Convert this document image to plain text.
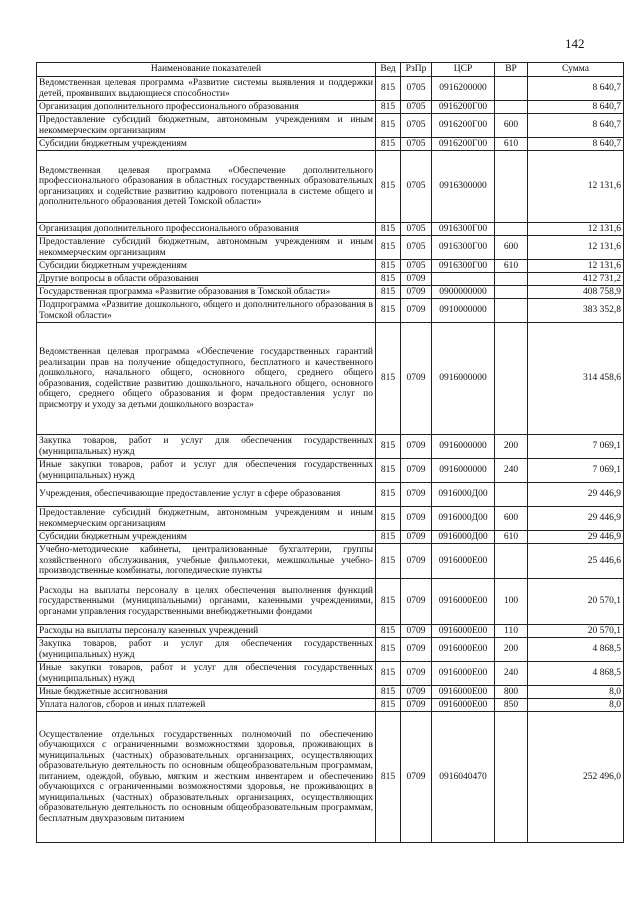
142
Наименование показателей	Вед	РзПр	ЦСР	ВР	Сумма
Ведомственная целевая программа «Развитие системы выявления и поддержки детей, проявивших выдающиеся способности»	815	0705	0916200000		8 640,7
Организация дополнительного профессионального образования	815	0705	0916200Г00		8 640,7
Предоставление субсидий бюджетным, автономным учреждениям и иным некоммерческим организациям	815	0705	0916200Г00	600	8 640,7
Субсидии бюджетным учреждениям	815	0705	0916200Г00	610	8 640,7
Ведомственная целевая программа «Обеспечение дополнительного профессионального образования в областных государственных образовательных организациях и содействие развитию кадрового потенциала в системе общего и дополнительного образования детей Томской области»	815	0705	0916300000		12 131,6
Организация дополнительного профессионального образования	815	0705	0916300Г00		12 131,6
Предоставление субсидий бюджетным, автономным учреждениям и иным некоммерческим организациям	815	0705	0916300Г00	600	12 131,6
Субсидии бюджетным учреждениям	815	0705	0916300Г00	610	12 131,6
Другие вопросы в области образования	815	0709			412 731,2
Государственная программа «Развитие образования в Томской области»	815	0709	0900000000		408 758,9
Подпрограмма «Развитие дошкольного, общего и дополнительного образования в Томской области»	815	0709	0910000000		383 352,8
Ведомственная целевая программа «Обеспечение государственных гарантий реализации прав на получение общедоступного, бесплатного и качественного дошкольного, начального общего, основного общего, среднего общего образования, содействие развитию дошкольного, начального общего, основного общего, среднего общего образования и форм предоставления услуг по присмотру и уходу за детьми дошкольного возраста»	815	0709	0916000000		314 458,6
Закупка товаров, работ и услуг для обеспечения государственных (муниципальных) нужд	815	0709	0916000000	200	7 069,1
Иные закупки товаров, работ и услуг для обеспечения государственных (муниципальных) нужд	815	0709	0916000000	240	7 069,1
Учреждения, обеспечивающие предоставление услуг в сфере образования	815	0709	0916000Д00		29 446,9
Предоставление субсидий бюджетным, автономным учреждениям и иным некоммерческим организациям	815	0709	0916000Д00	600	29 446,9
Субсидии бюджетным учреждениям	815	0709	0916000Д00	610	29 446,9
Учебно-методические кабинеты, централизованные бухгалтерии, группы хозяйственного обслуживания, учебные фильмотеки, межшкольные учебно-производственные комбинаты, логопедические пункты	815	0709	0916000Е00		25 446,6
Расходы на выплаты персоналу в целях обеспечения выполнения функций государственными (муниципальными) органами, казенными учреждениями, органами управления государственными внебюджетными фондами	815	0709	0916000Е00	100	20 570,1
Расходы на выплаты персоналу казенных учреждений	815	0709	0916000Е00	110	20 570,1
Закупка товаров, работ и услуг для обеспечения государственных (муниципальных) нужд	815	0709	0916000Е00	200	4 868,5
Иные закупки товаров, работ и услуг для обеспечения государственных (муниципальных) нужд	815	0709	0916000Е00	240	4 868,5
Иные бюджетные ассигнования	815	0709	0916000Е00	800	8,0
Уплата налогов, сборов и иных платежей	815	0709	0916000Е00	850	8,0
Осуществление отдельных государственных полномочий по обеспечению обучающихся с ограниченными возможностями здоровья, проживающих в муниципальных (частных) образовательных организациях, осуществляющих образовательную деятельность по основным общеобразовательным программам, питанием, одеждой, обувью, мягким и жестким инвентарем и обеспечению обучающихся с ограниченными возможностями здоровья, не проживающих в муниципальных (частных) образовательных организациях, осуществляющих образовательную деятельность по основным общеобразовательным программам, бесплатным двухразовым питанием	815	0709	0916040470		252 496,0
